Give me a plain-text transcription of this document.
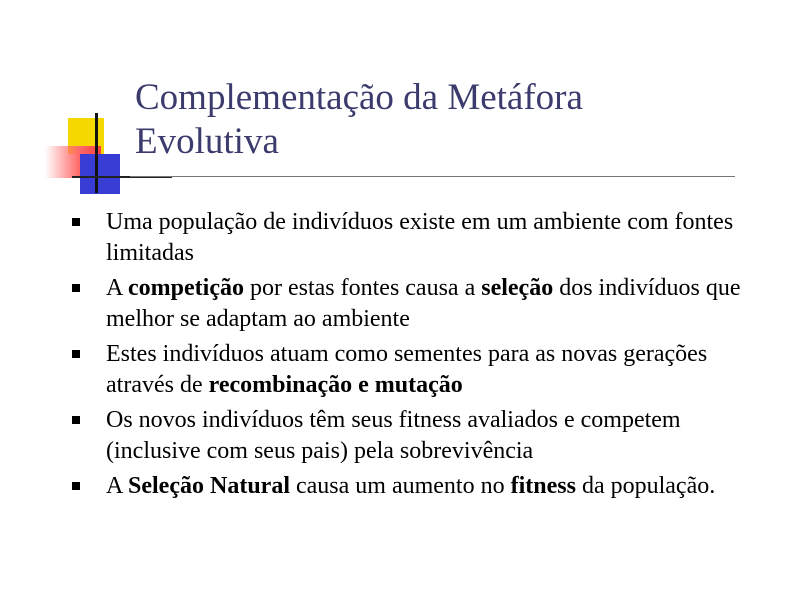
Complementação da Metáfora
Evolutiva
Uma população de indivíduos existe em um ambiente com fontes limitadas
A competição por estas fontes causa a seleção dos indivíduos que melhor se adaptam ao ambiente
Estes indivíduos atuam como sementes para as novas gerações através de recombinação e mutação
Os novos indivíduos têm seus fitness avaliados e competem (inclusive com seus pais) pela sobrevivência
A Seleção Natural causa um aumento no fitness da população.
